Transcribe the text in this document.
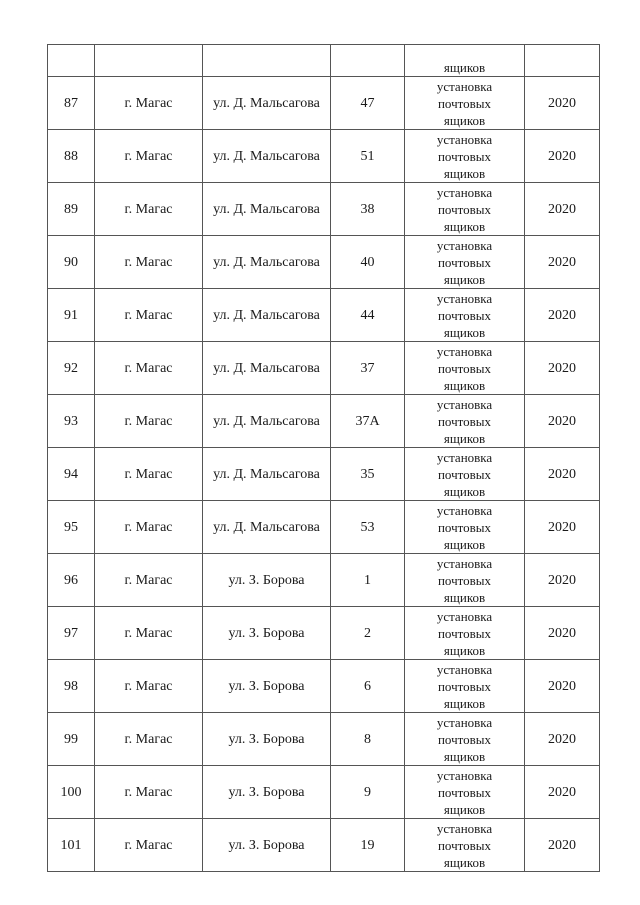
				ящиков	

87	г. Магас	ул. Д. Мальсагова	47	установка
почтовых
ящиков	2020
88	г. Магас	ул. Д. Мальсагова	51	установка
почтовых
ящиков	2020
89	г. Магас	ул. Д. Мальсагова	38	установка
почтовых
ящиков	2020
90	г. Магас	ул. Д. Мальсагова	40	установка
почтовых
ящиков	2020
91	г. Магас	ул. Д. Мальсагова	44	установка
почтовых
ящиков	2020
92	г. Магас	ул. Д. Мальсагова	37	установка
почтовых
ящиков	2020
93	г. Магас	ул. Д. Мальсагова	37А	установка
почтовых
ящиков	2020
94	г. Магас	ул. Д. Мальсагова	35	установка
почтовых
ящиков	2020
95	г. Магас	ул. Д. Мальсагова	53	установка
почтовых
ящиков	2020
96	г. Магас	ул. З. Борова	1	установка
почтовых
ящиков	2020
97	г. Магас	ул. З. Борова	2	установка
почтовых
ящиков	2020
98	г. Магас	ул. З. Борова	6	установка
почтовых
ящиков	2020
99	г. Магас	ул. З. Борова	8	установка
почтовых
ящиков	2020
100	г. Магас	ул. З. Борова	9	установка
почтовых
ящиков	2020
101	г. Магас	ул. З. Борова	19	установка
почтовых
ящиков	2020
